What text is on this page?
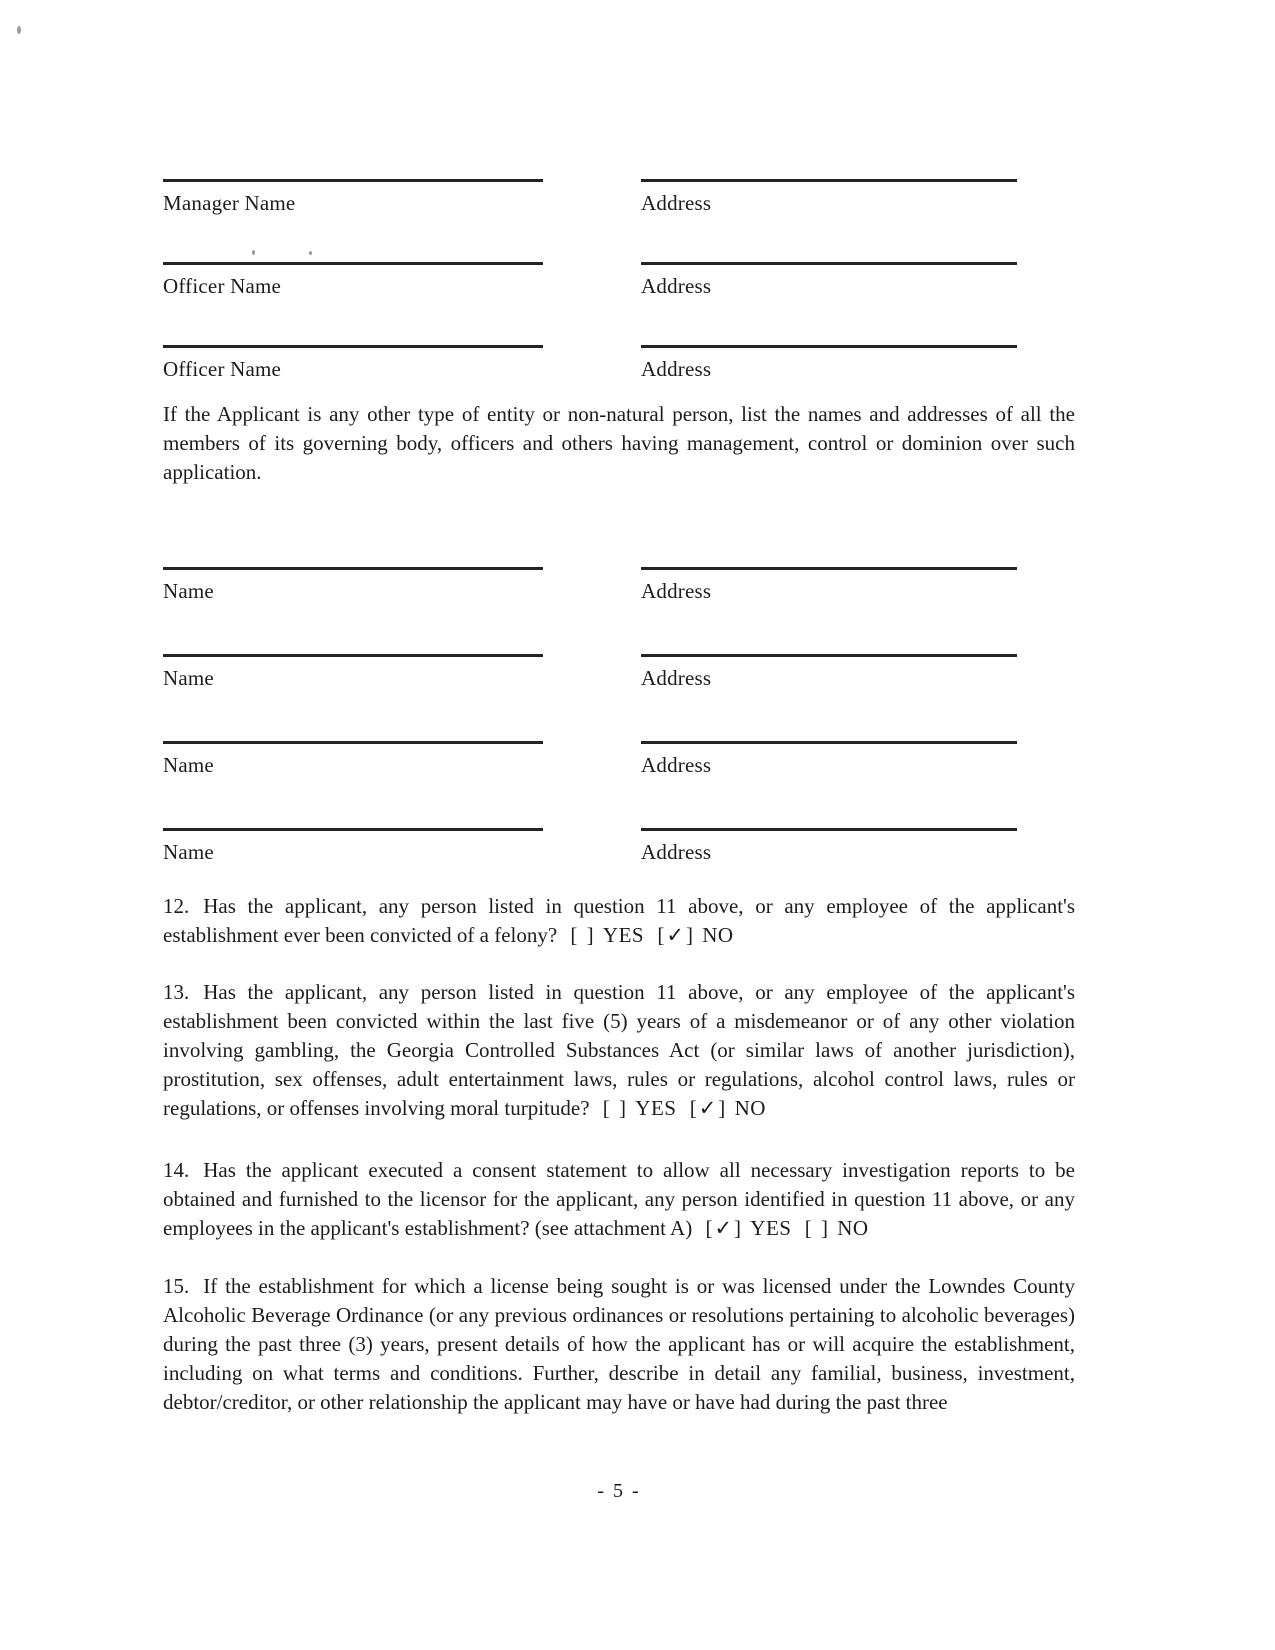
Manager Name	Address
Officer Name	Address
Officer Name	Address

If the Applicant is any other type of entity or non-natural person, list the names and addresses of all the members of its governing body, officers and others having management, control or dominion over such application.

Name	Address
Name	Address
Name	Address
Name	Address

12. Has the applicant, any person listed in question 11 above, or any employee of the applicant's establishment ever been convicted of a felony? [ ] YES [✓] NO

13. Has the applicant, any person listed in question 11 above, or any employee of the applicant's establishment been convicted within the last five (5) years of a misdemeanor or of any other violation involving gambling, the Georgia Controlled Substances Act (or similar laws of another jurisdiction), prostitution, sex offenses, adult entertainment laws, rules or regulations, alcohol control laws, rules or regulations, or offenses involving moral turpitude? [ ] YES [✓] NO

14. Has the applicant executed a consent statement to allow all necessary investigation reports to be obtained and furnished to the licensor for the applicant, any person identified in question 11 above, or any employees in the applicant's establishment? (see attachment A) [✓] YES [ ] NO

15. If the establishment for which a license being sought is or was licensed under the Lowndes County Alcoholic Beverage Ordinance (or any previous ordinances or resolutions pertaining to alcoholic beverages) during the past three (3) years, present details of how the applicant has or will acquire the establishment, including on what terms and conditions. Further, describe in detail any familial, business, investment, debtor/creditor, or other relationship the applicant may have or have had during the past three

- 5 -
